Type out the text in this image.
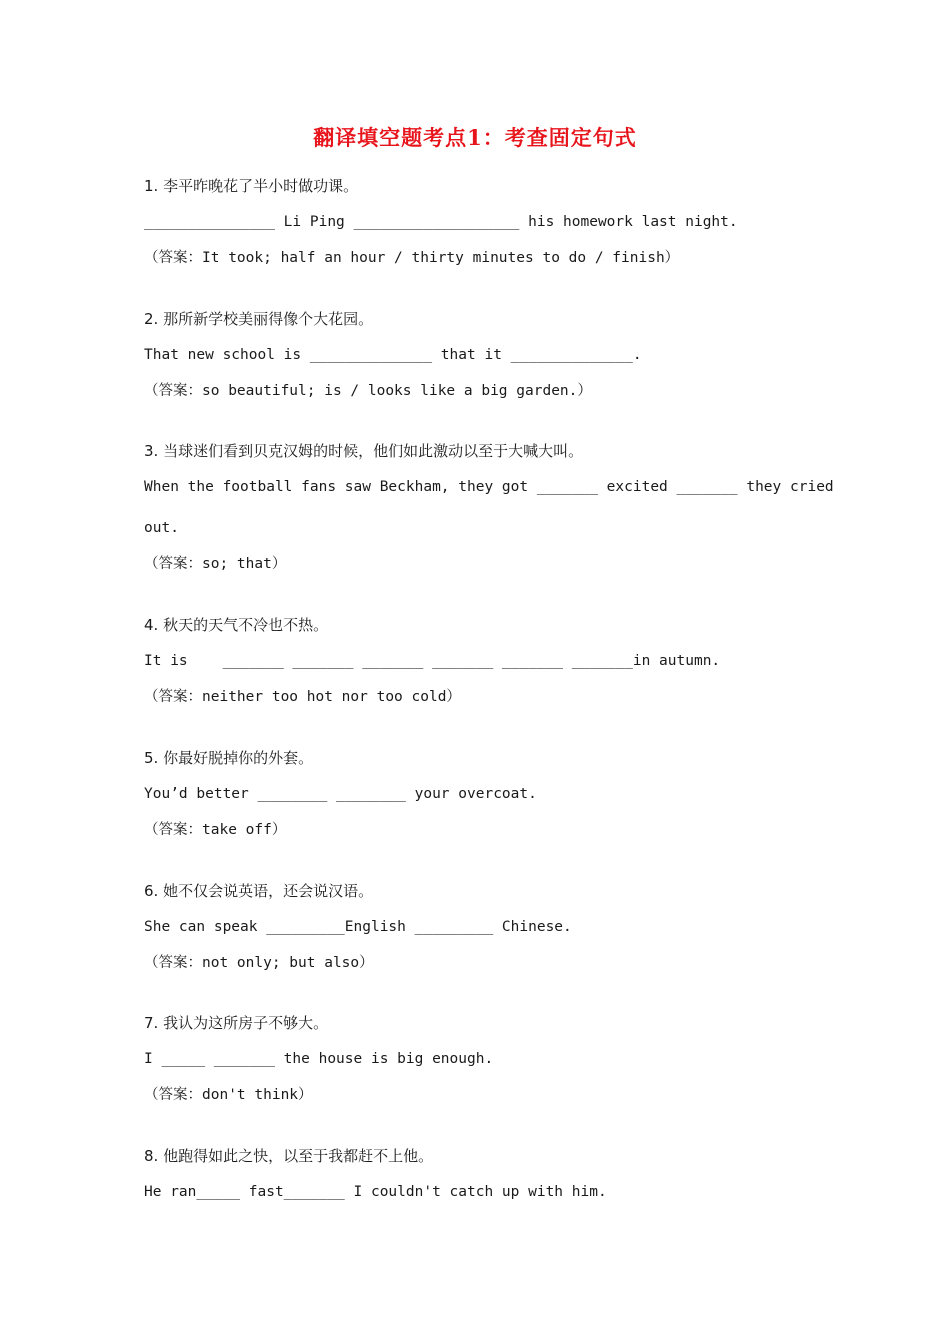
翻译填空题考点1：考查固定句式
1. 李平昨晚花了半小时做功课。
_______________ Li Ping ___________________ his homework last night.
（答案：It took; half an hour / thirty minutes to do / finish）
2. 那所新学校美丽得像个大花园。
That new school is ______________ that it ______________.
（答案：so beautiful; is / looks like a big garden.）
3. 当球迷们看到贝克汉姆的时候，他们如此激动以至于大喊大叫。
When the football fans saw Beckham, they got _______ excited _______ they cried
out.
（答案：so; that）
4. 秋天的天气不冷也不热。
It is    _______ _______ _______ _______ _______ _______in autumn.
（答案：neither too hot nor too cold）
5. 你最好脱掉你的外套。
You’d better ________ ________ your overcoat.
（答案：take off）
6. 她不仅会说英语，还会说汉语。
She can speak _________English _________ Chinese.
（答案：not only; but also）
7. 我认为这所房子不够大。
I _____ _______ the house is big enough.
（答案：don't think）
8. 他跑得如此之快，以至于我都赶不上他。
He ran_____ fast_______ I couldn't catch up with him.
